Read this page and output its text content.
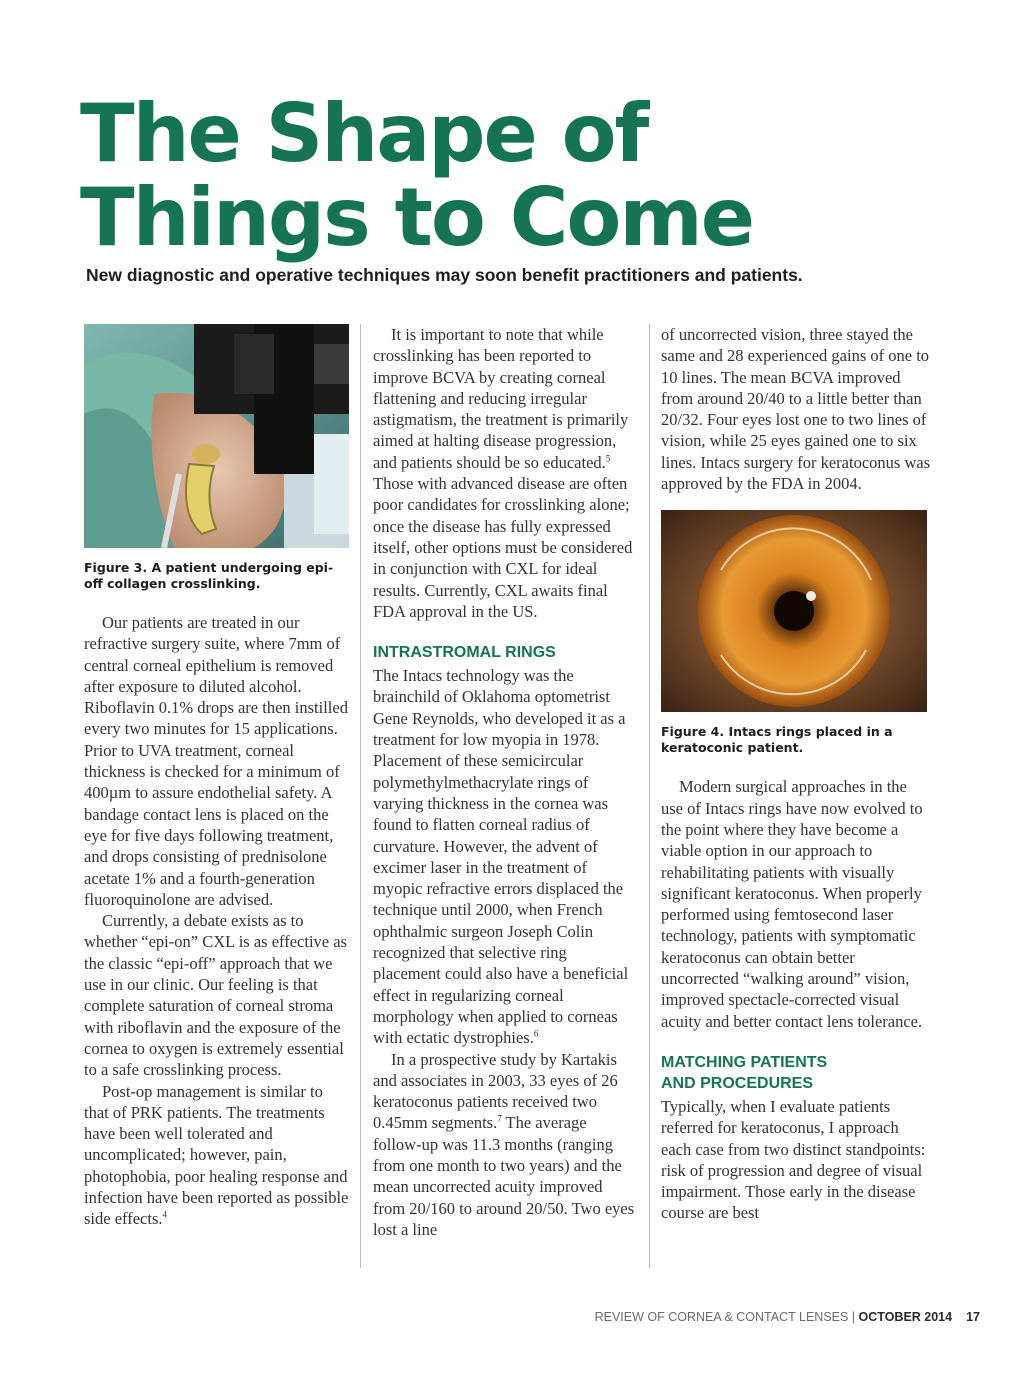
The Shape of
Things to Come
New diagnostic and operative techniques may soon benefit practitioners and patients.
Figure 3. A patient undergoing epi-off collagen crosslinking.

Our patients are treated in our refractive surgery suite, where 7mm of central corneal epithelium is removed after exposure to diluted alcohol. Riboflavin 0.1% drops are then instilled every two minutes for 15 applications. Prior to UVA treatment, corneal thickness is checked for a minimum of 400µm to assure endothelial safety. A bandage contact lens is placed on the eye for five days following treatment, and drops consisting of prednisolone acetate 1% and a fourth-generation fluoroquinolone are advised.

Currently, a debate exists as to whether “epi-on” CXL is as effective as the classic “epi-off” approach that we use in our clinic. Our feeling is that complete saturation of corneal stroma with riboflavin and the exposure of the cornea to oxygen is extremely essential to a safe crosslinking process.

Post-op management is similar to that of PRK patients. The treatments have been well tolerated and uncomplicated; however, pain, photophobia, poor healing response and infection have been reported as possible side effects.$^4$

It is important to note that while crosslinking has been reported to improve BCVA by creating corneal flattening and reducing irregular astigmatism, the treatment is primarily aimed at halting disease progression, and patients should be so educated.$^5$ Those with advanced disease are often poor candidates for crosslinking alone; once the disease has fully expressed itself, other options must be considered in conjunction with CXL for ideal results. Currently, CXL awaits final FDA approval in the US.

INTRASTROMAL RINGS

The Intacs technology was the brainchild of Oklahoma optometrist Gene Reynolds, who developed it as a treatment for low myopia in 1978. Placement of these semicircular polymethylmethacrylate rings of varying thickness in the cornea was found to flatten corneal radius of curvature. However, the advent of excimer laser in the treatment of myopic refractive errors displaced the technique until 2000, when French ophthalmic surgeon Joseph Colin recognized that selective ring placement could also have a beneficial effect in regularizing corneal morphology when applied to corneas with ectatic dystrophies.$^6$

In a prospective study by Kartakis and associates in 2003, 33 eyes of 26 keratoconus patients received two 0.45mm segments.$^7$ The average follow-up was 11.3 months (ranging from one month to two years) and the mean uncorrected acuity improved from 20/160 to around 20/50. Two eyes lost a line

of uncorrected vision, three stayed the same and 28 experienced gains of one to 10 lines. The mean BCVA improved from around 20/40 to a little better than 20/32. Four eyes lost one to two lines of vision, while 25 eyes gained one to six lines. Intacs surgery for keratoconus was approved by the FDA in 2004.

Figure 4. Intacs rings placed in a keratoconic patient.

Modern surgical approaches in the use of Intacs rings have now evolved to the point where they have become a viable option in our approach to rehabilitating patients with visually significant keratoconus. When properly performed using femtosecond laser technology, patients with symptomatic keratoconus can obtain better uncorrected “walking around” vision, improved spectacle-corrected visual acuity and better contact lens tolerance.

MATCHING PATIENTS
AND PROCEDURES

Typically, when I evaluate patients referred for keratoconus, I approach each case from two distinct standpoints: risk of progression and degree of visual impairment. Those early in the disease course are best

REVIEW OF CORNEA & CONTACT LENSES | OCTOBER 2014 17
